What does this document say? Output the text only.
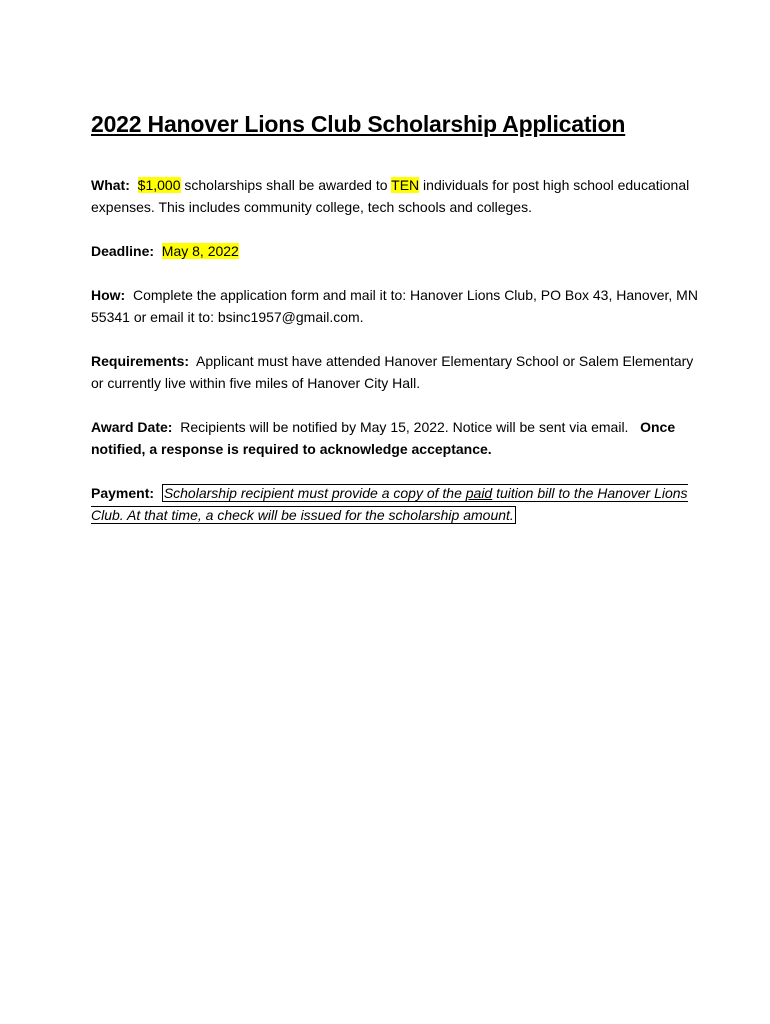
2022 Hanover Lions Club Scholarship Application

What: $1,000 scholarships shall be awarded to TEN individuals for post high school educational expenses. This includes community college, tech schools and colleges.

Deadline: May 8, 2022

How: Complete the application form and mail it to: Hanover Lions Club, PO Box 43, Hanover, MN 55341 or email it to: bsinc1957@gmail.com.

Requirements: Applicant must have attended Hanover Elementary School or Salem Elementary or currently live within five miles of Hanover City Hall.

Award Date: Recipients will be notified by May 15, 2022. Notice will be sent via email. Once notified, a response is required to acknowledge acceptance.

Payment: Scholarship recipient must provide a copy of the paid tuition bill to the Hanover Lions Club. At that time, a check will be issued for the scholarship amount.
